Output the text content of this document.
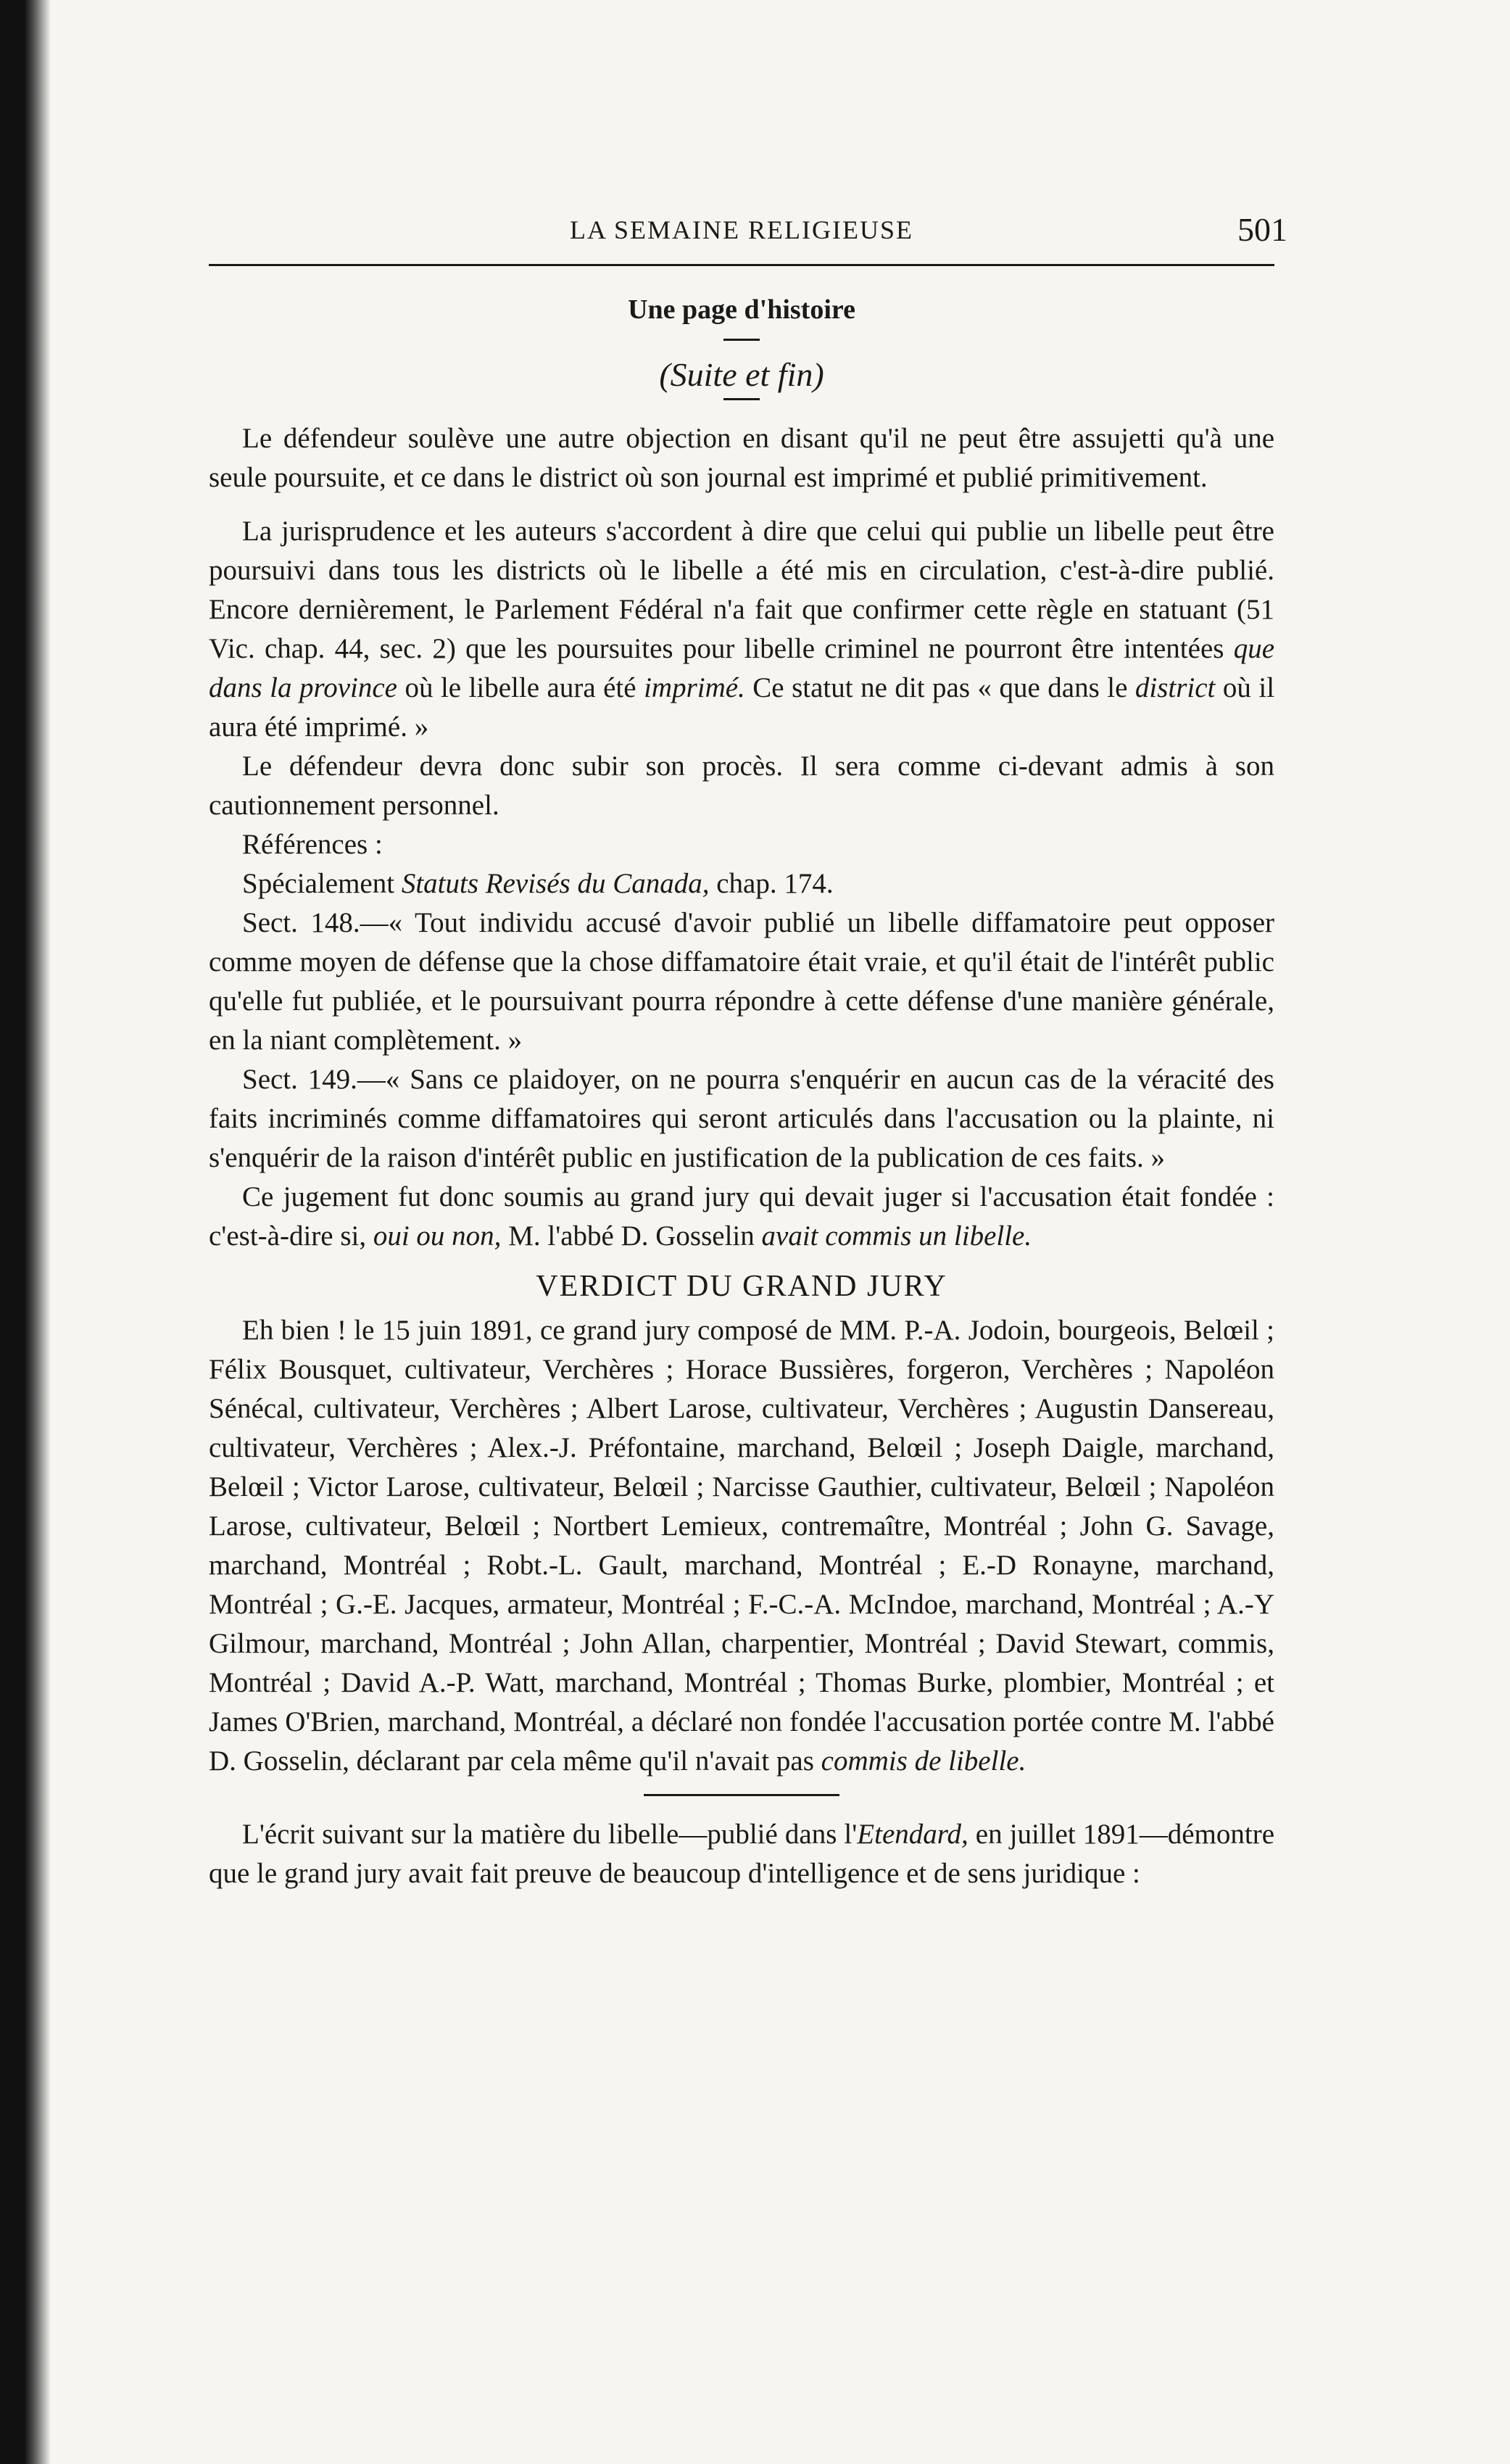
LA SEMAINE RELIGIEUSE	501
Une page d'histoire
(Suite et fin)

Le défendeur soulève une autre objection en disant qu'il ne peut être assujetti qu'à une seule poursuite, et ce dans le district où son journal est imprimé et publié primitivement.

La jurisprudence et les auteurs s'accordent à dire que celui qui publie un libelle peut être poursuivi dans tous les districts où le libelle a été mis en circulation, c'est-à-dire publié. Encore dernièrement, le Parlement Fédéral n'a fait que confirmer cette règle en statuant (51 Vic. chap. 44, sec. 2) que les poursuites pour libelle criminel ne pourront être intentées que dans la province où le libelle aura été imprimé. Ce statut ne dit pas « que dans le district où il aura été imprimé. »

Le défendeur devra donc subir son procès. Il sera comme ci-devant admis à son cautionnement personnel.

Références :

Spécialement Statuts Revisés du Canada, chap. 174.

Sect. 148.—« Tout individu accusé d'avoir publié un libelle diffamatoire peut opposer comme moyen de défense que la chose diffamatoire était vraie, et qu'il était de l'intérêt public qu'elle fut publiée, et le poursuivant pourra répondre à cette défense d'une manière générale, en la niant complètement. »

Sect. 149.—« Sans ce plaidoyer, on ne pourra s'enquérir en aucun cas de la véracité des faits incriminés comme diffamatoires qui seront articulés dans l'accusation ou la plainte, ni s'enquérir de la raison d'intérêt public en justification de la publication de ces faits. »

Ce jugement fut donc soumis au grand jury qui devait juger si l'accusation était fondée : c'est-à-dire si, oui ou non, M. l'abbé D. Gosselin avait commis un libelle.

VERDICT DU GRAND JURY

Eh bien ! le 15 juin 1891, ce grand jury composé de MM. P.-A. Jodoin, bourgeois, Belœil ; Félix Bousquet, cultivateur, Verchères ; Horace Bussières, forgeron, Verchères ; Napoléon Sénécal, cultivateur, Verchères ; Albert Larose, cultivateur, Verchères ; Augustin Dansereau, cultivateur, Verchères ; Alex.-J. Préfontaine, marchand, Belœil ; Joseph Daigle, marchand, Belœil ; Victor Larose, cultivateur, Belœil ; Narcisse Gauthier, cultivateur, Belœil ; Napoléon Larose, cultivateur, Belœil ; Nortbert Lemieux, contremaître, Montréal ; John G. Savage, marchand, Montréal ; Robt.-L. Gault, marchand, Montréal ; E.-D Ronayne, marchand, Montréal ; G.-E. Jacques, armateur, Montréal ; F.-C.-A. McIndoe, marchand, Montréal ; A.-Y Gilmour, marchand, Montréal ; John Allan, charpentier, Montréal ; David Stewart, commis, Montréal ; David A.-P. Watt, marchand, Montréal ; Thomas Burke, plombier, Montréal ; et James O'Brien, marchand, Montréal, a déclaré non fondée l'accusation portée contre M. l'abbé D. Gosselin, déclarant par cela même qu'il n'avait pas commis de libelle.

L'écrit suivant sur la matière du libelle—publié dans l'Etendard, en juillet 1891—démontre que le grand jury avait fait preuve de beaucoup d'intelligence et de sens juridique :
